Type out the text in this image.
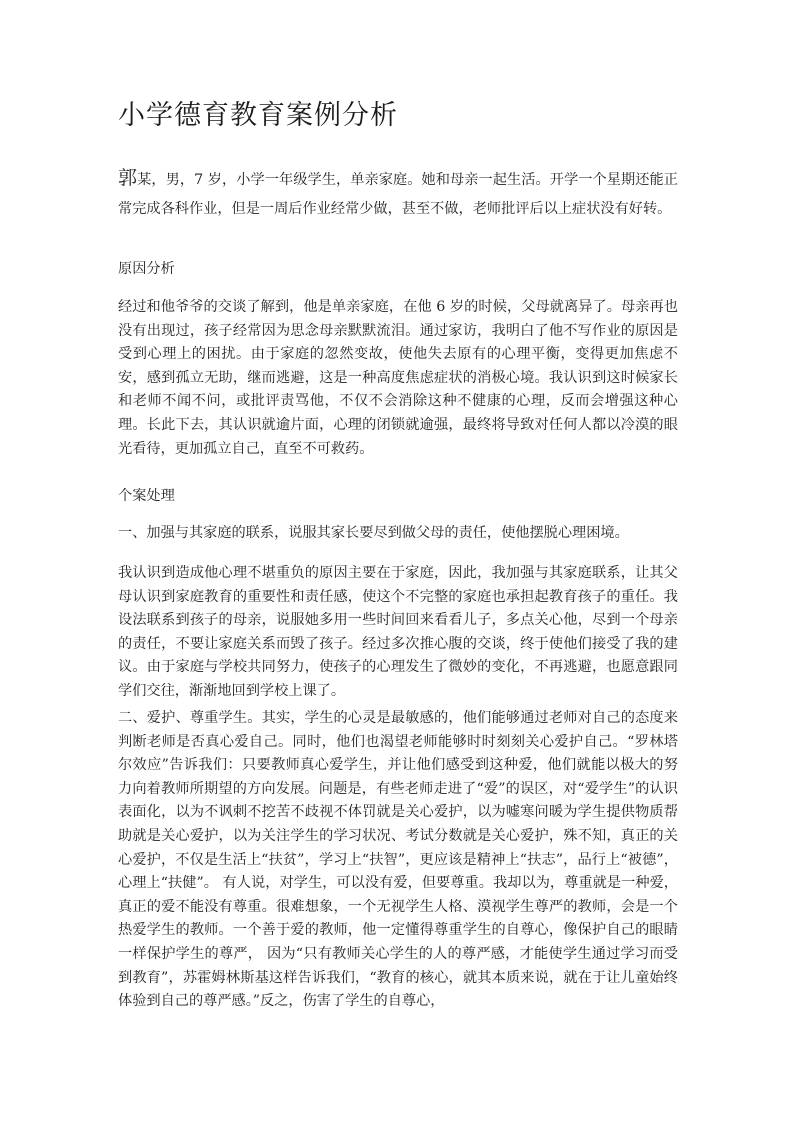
小学德育教育案例分析

郭某，男，7 岁，小学一年级学生，单亲家庭。她和母亲一起生活。开学一个星期还能正常完成各科作业，但是一周后作业经常少做，甚至不做，老师批评后以上症状没有好转。

原因分析

经过和他爷爷的交谈了解到，他是单亲家庭，在他 6 岁的时候，父母就离异了。母亲再也没有出现过，孩子经常因为思念母亲默默流泪。通过家访，我明白了他不写作业的原因是受到心理上的困扰。由于家庭的忽然变故，使他失去原有的心理平衡，变得更加焦虑不安，感到孤立无助，继而逃避，这是一种高度焦虑症状的消极心境。我认识到这时候家长和老师不闻不问，或批评责骂他，不仅不会消除这种不健康的心理，反而会增强这种心理。长此下去，其认识就逾片面，心理的闭锁就逾强，最终将导致对任何人都以冷漠的眼光看待，更加孤立自己，直至不可救药。

个案处理

一、加强与其家庭的联系，说服其家长要尽到做父母的责任，使他摆脱心理困境。

我认识到造成他心理不堪重负的原因主要在于家庭，因此，我加强与其家庭联系，让其父母认识到家庭教育的重要性和责任感，使这个不完整的家庭也承担起教育孩子的重任。我设法联系到孩子的母亲，说服她多用一些时间回来看看儿子，多点关心他，尽到一个母亲的责任，不要让家庭关系而毁了孩子。经过多次推心腹的交谈，终于使他们接受了我的建议。由于家庭与学校共同努力，使孩子的心理发生了微妙的变化，不再逃避，也愿意跟同学们交往，渐渐地回到学校上课了。

二、爱护、尊重学生。其实，学生的心灵是最敏感的，他们能够通过老师对自己的态度来判断老师是否真心爱自己。同时，他们也渴望老师能够时时刻刻关心爱护自己。“罗林塔尔效应”告诉我们：只要教师真心爱学生，并让他们感受到这种爱，他们就能以极大的努力向着教师所期望的方向发展。问题是，有些老师走进了“爱”的误区，对“爱学生”的认识表面化，以为不讽刺不挖苦不歧视不体罚就是关心爱护，以为嘘寒问暖为学生提供物质帮助就是关心爱护，以为关注学生的学习状况、考试分数就是关心爱护，殊不知，真正的关心爱护，不仅是生活上“扶贫”，学习上“扶智”，更应该是精神上“扶志”，品行上“被德”，心理上“扶健”。 有人说，对学生，可以没有爱，但要尊重。我却以为，尊重就是一种爱，真正的爱不能没有尊重。很难想象，一个无视学生人格、漠视学生尊严的教师，会是一个热爱学生的教师。一个善于爱的教师，他一定懂得尊重学生的自尊心，像保护自己的眼睛一样保护学生的尊严， 因为“只有教师关心学生的人的尊严感，才能使学生通过学习而受到教育”，苏霍姆林斯基这样告诉我们，“教育的核心，就其本质来说，就在于让儿童始终体验到自己的尊严感。”反之，伤害了学生的自尊心，
